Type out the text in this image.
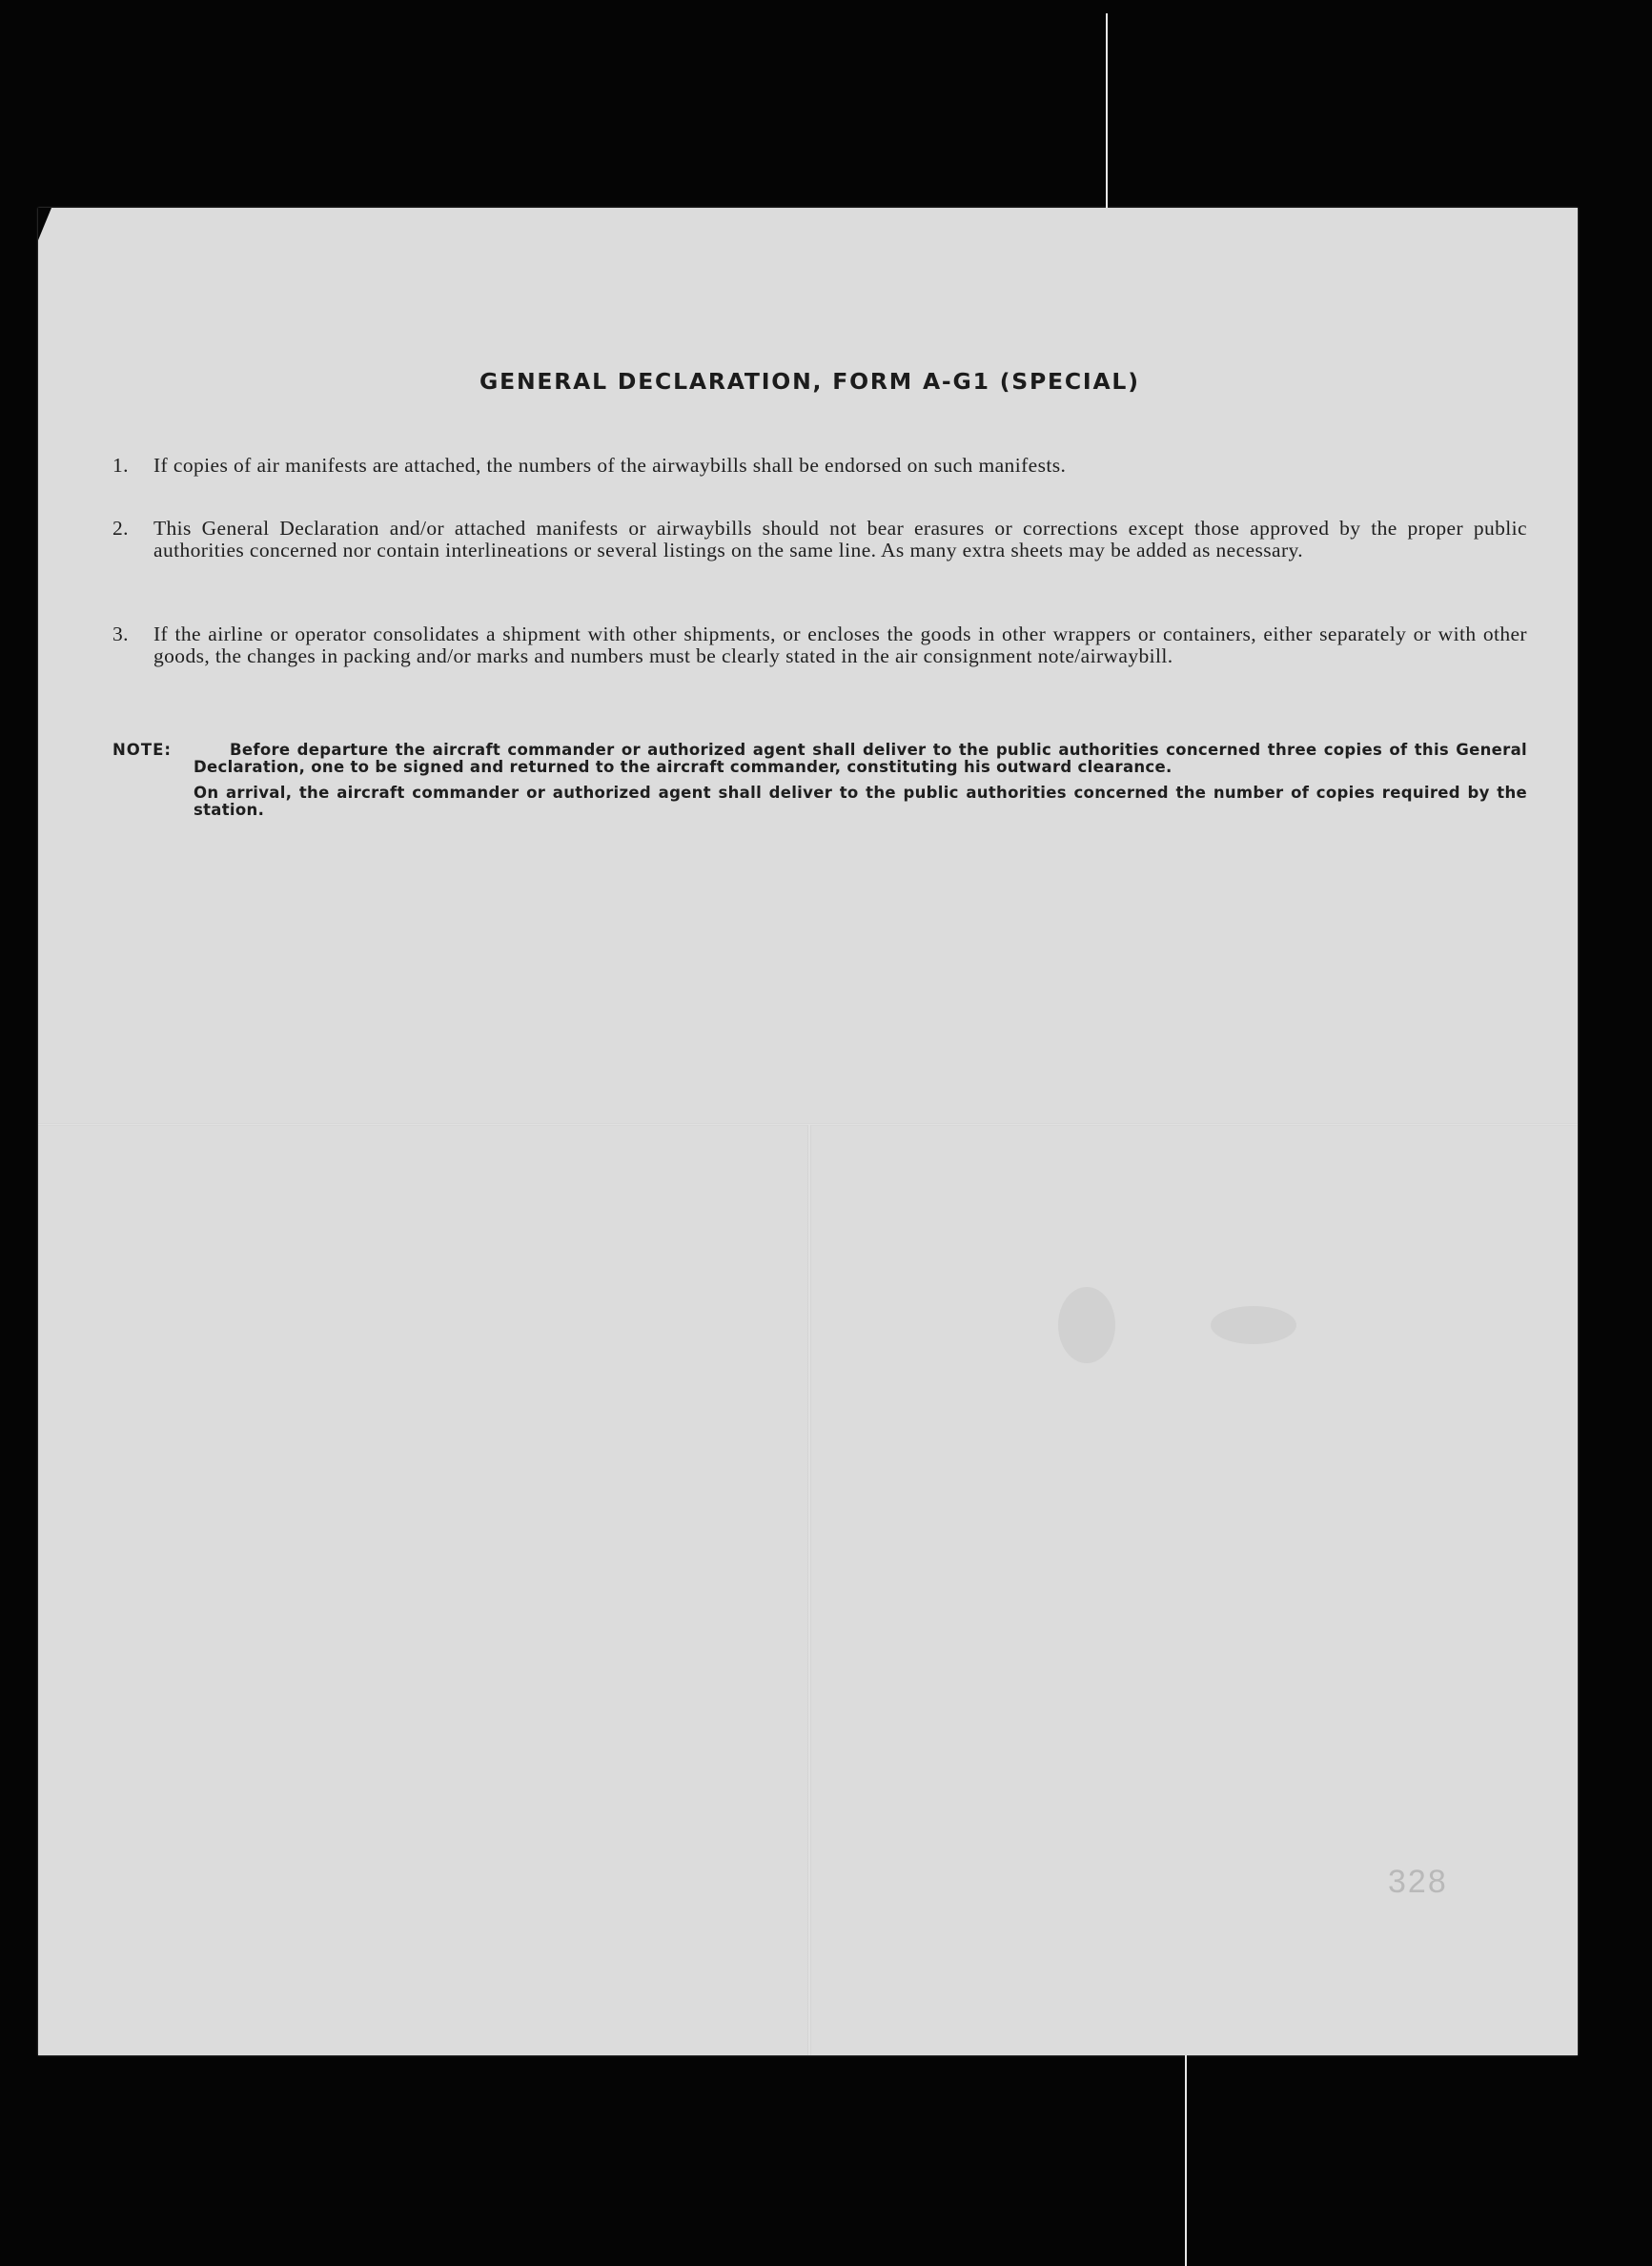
328
GENERAL DECLARATION, FORM A-G1 (SPECIAL)
1.	If copies of air manifests are attached, the numbers of the airwaybills shall be endorsed on such manifests.
2.	This General Declaration and/or attached manifests or airwaybills should not bear erasures or corrections except those approved by the proper public authorities concerned nor contain interlineations or several listings on the same line. As many extra sheets may be added as necessary.
3.	If the airline or operator consolidates a shipment with other shipments, or encloses the goods in other wrappers or containers, either separately or with other goods, the changes in packing and/or marks and numbers must be clearly stated in the air consignment note/airwaybill.
NOTE:	Before departure the aircraft commander or authorized agent shall deliver to the public authorities concerned three copies of this General Declaration, one to be signed and returned to the aircraft commander, constituting his outward clearance.
On arrival, the aircraft commander or authorized agent shall deliver to the public authorities concerned the number of copies required by the station.
